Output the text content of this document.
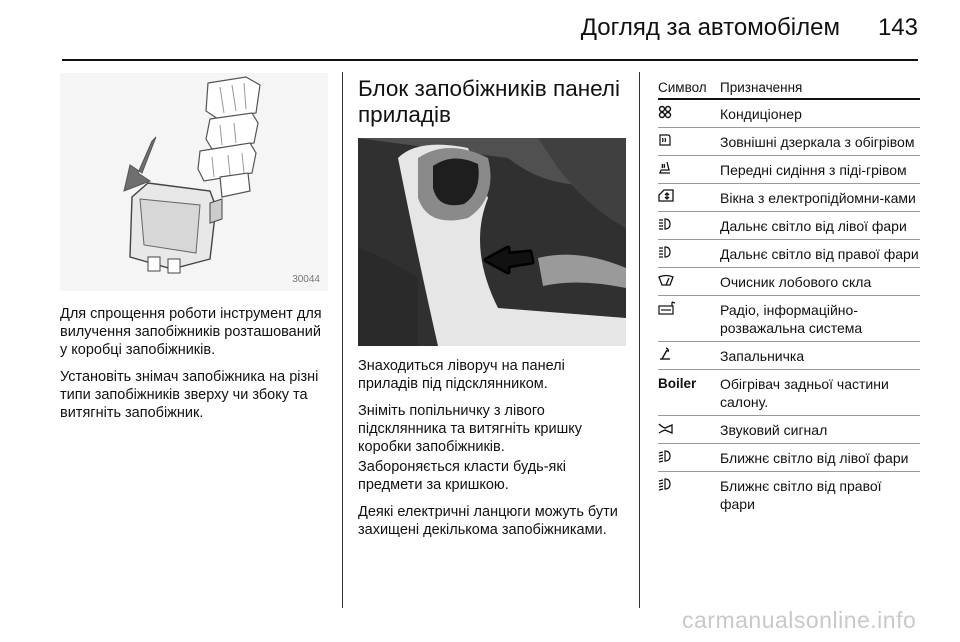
Догляд за автомобілем 143
30044

Для спрощення роботи інструмент для вилучення запобіжників розташований у коробці запобіжників.

Установіть знімач запобіжника на різні типи запобіжників зверху чи збоку та витягніть запобіжник.

Блок запобіжників панелі приладів

Знаходиться ліворуч на панелі приладів під підсклянником.

Зніміть попільничку з лівого підсклянника та витягніть кришку коробки запобіжників.

Забороняється класти будь-які предмети за кришкою.

Деякі електричні ланцюги можуть бути захищені декількома запобіжниками.

Символ Призначення
Кондиціонер
Зовнішні дзеркала з обігрівом
Передні сидіння з піді-грівом
Вікна з електропідйомни-ками
Дальнє світло від лівої фари
Дальнє світло від правої фари
Очисник лобового скла
Радіо, інформаційно-розважальна система
Запальничка
Boiler	Обігрівач задньої частини салону.
Звуковий сигнал
Ближнє світло від лівої фари
Ближнє світло від правої фари
carmanualsonline.info
